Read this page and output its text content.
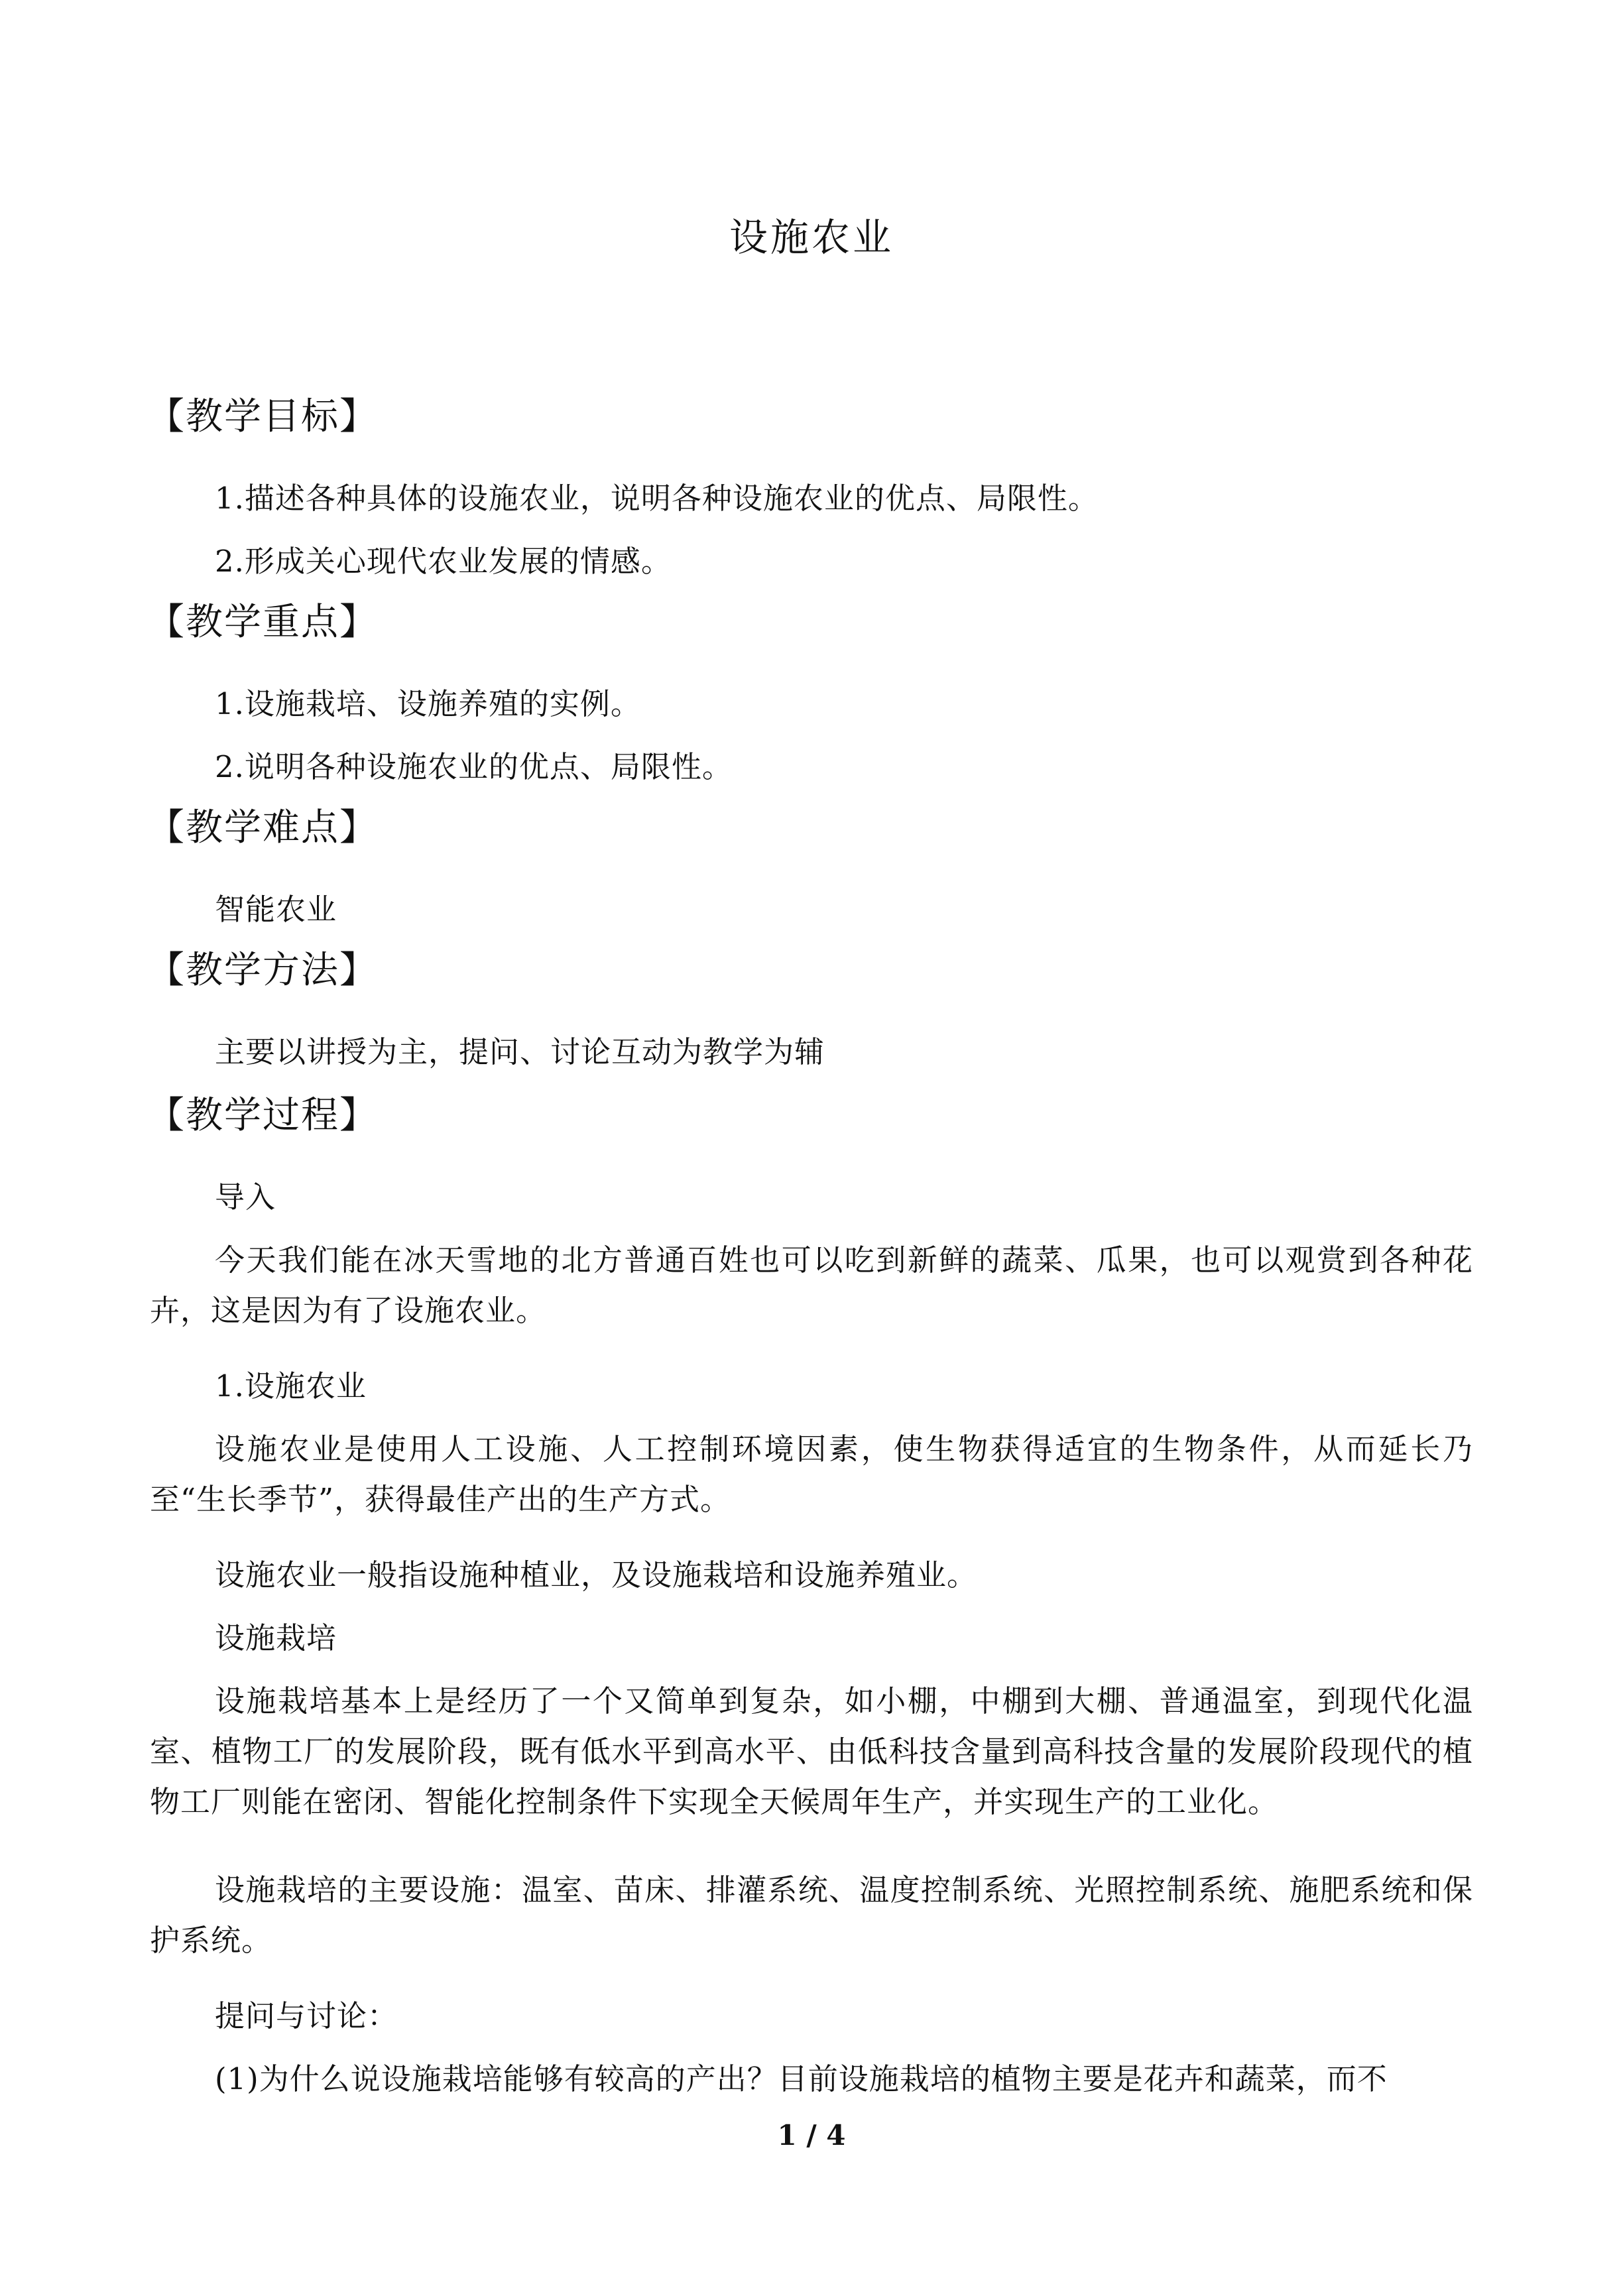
设施农业
【教学目标】
1.描述各种具体的设施农业，说明各种设施农业的优点、局限性。
2.形成关心现代农业发展的情感。
【教学重点】
1.设施栽培、设施养殖的实例。
2.说明各种设施农业的优点、局限性。
【教学难点】
智能农业
【教学方法】
主要以讲授为主，提问、讨论互动为教学为辅
【教学过程】
导入
今天我们能在冰天雪地的北方普通百姓也可以吃到新鲜的蔬菜、瓜果，也可以观赏到各种花卉，这是因为有了设施农业。
1.设施农业
设施农业是使用人工设施、人工控制环境因素，使生物获得适宜的生物条件，从而延长乃至“生长季节”，获得最佳产出的生产方式。
设施农业一般指设施种植业，及设施栽培和设施养殖业。
设施栽培
设施栽培基本上是经历了一个又简单到复杂，如小棚，中棚到大棚、普通温室，到现代化温室、植物工厂的发展阶段，既有低水平到高水平、由低科技含量到高科技含量的发展阶段现代的植物工厂则能在密闭、智能化控制条件下实现全天候周年生产，并实现生产的工业化。
设施栽培的主要设施：温室、苗床、排灌系统、温度控制系统、光照控制系统、施肥系统和保护系统。
提问与讨论：
(1)为什么说设施栽培能够有较高的产出？目前设施栽培的植物主要是花卉和蔬菜，而不
1 / 4
